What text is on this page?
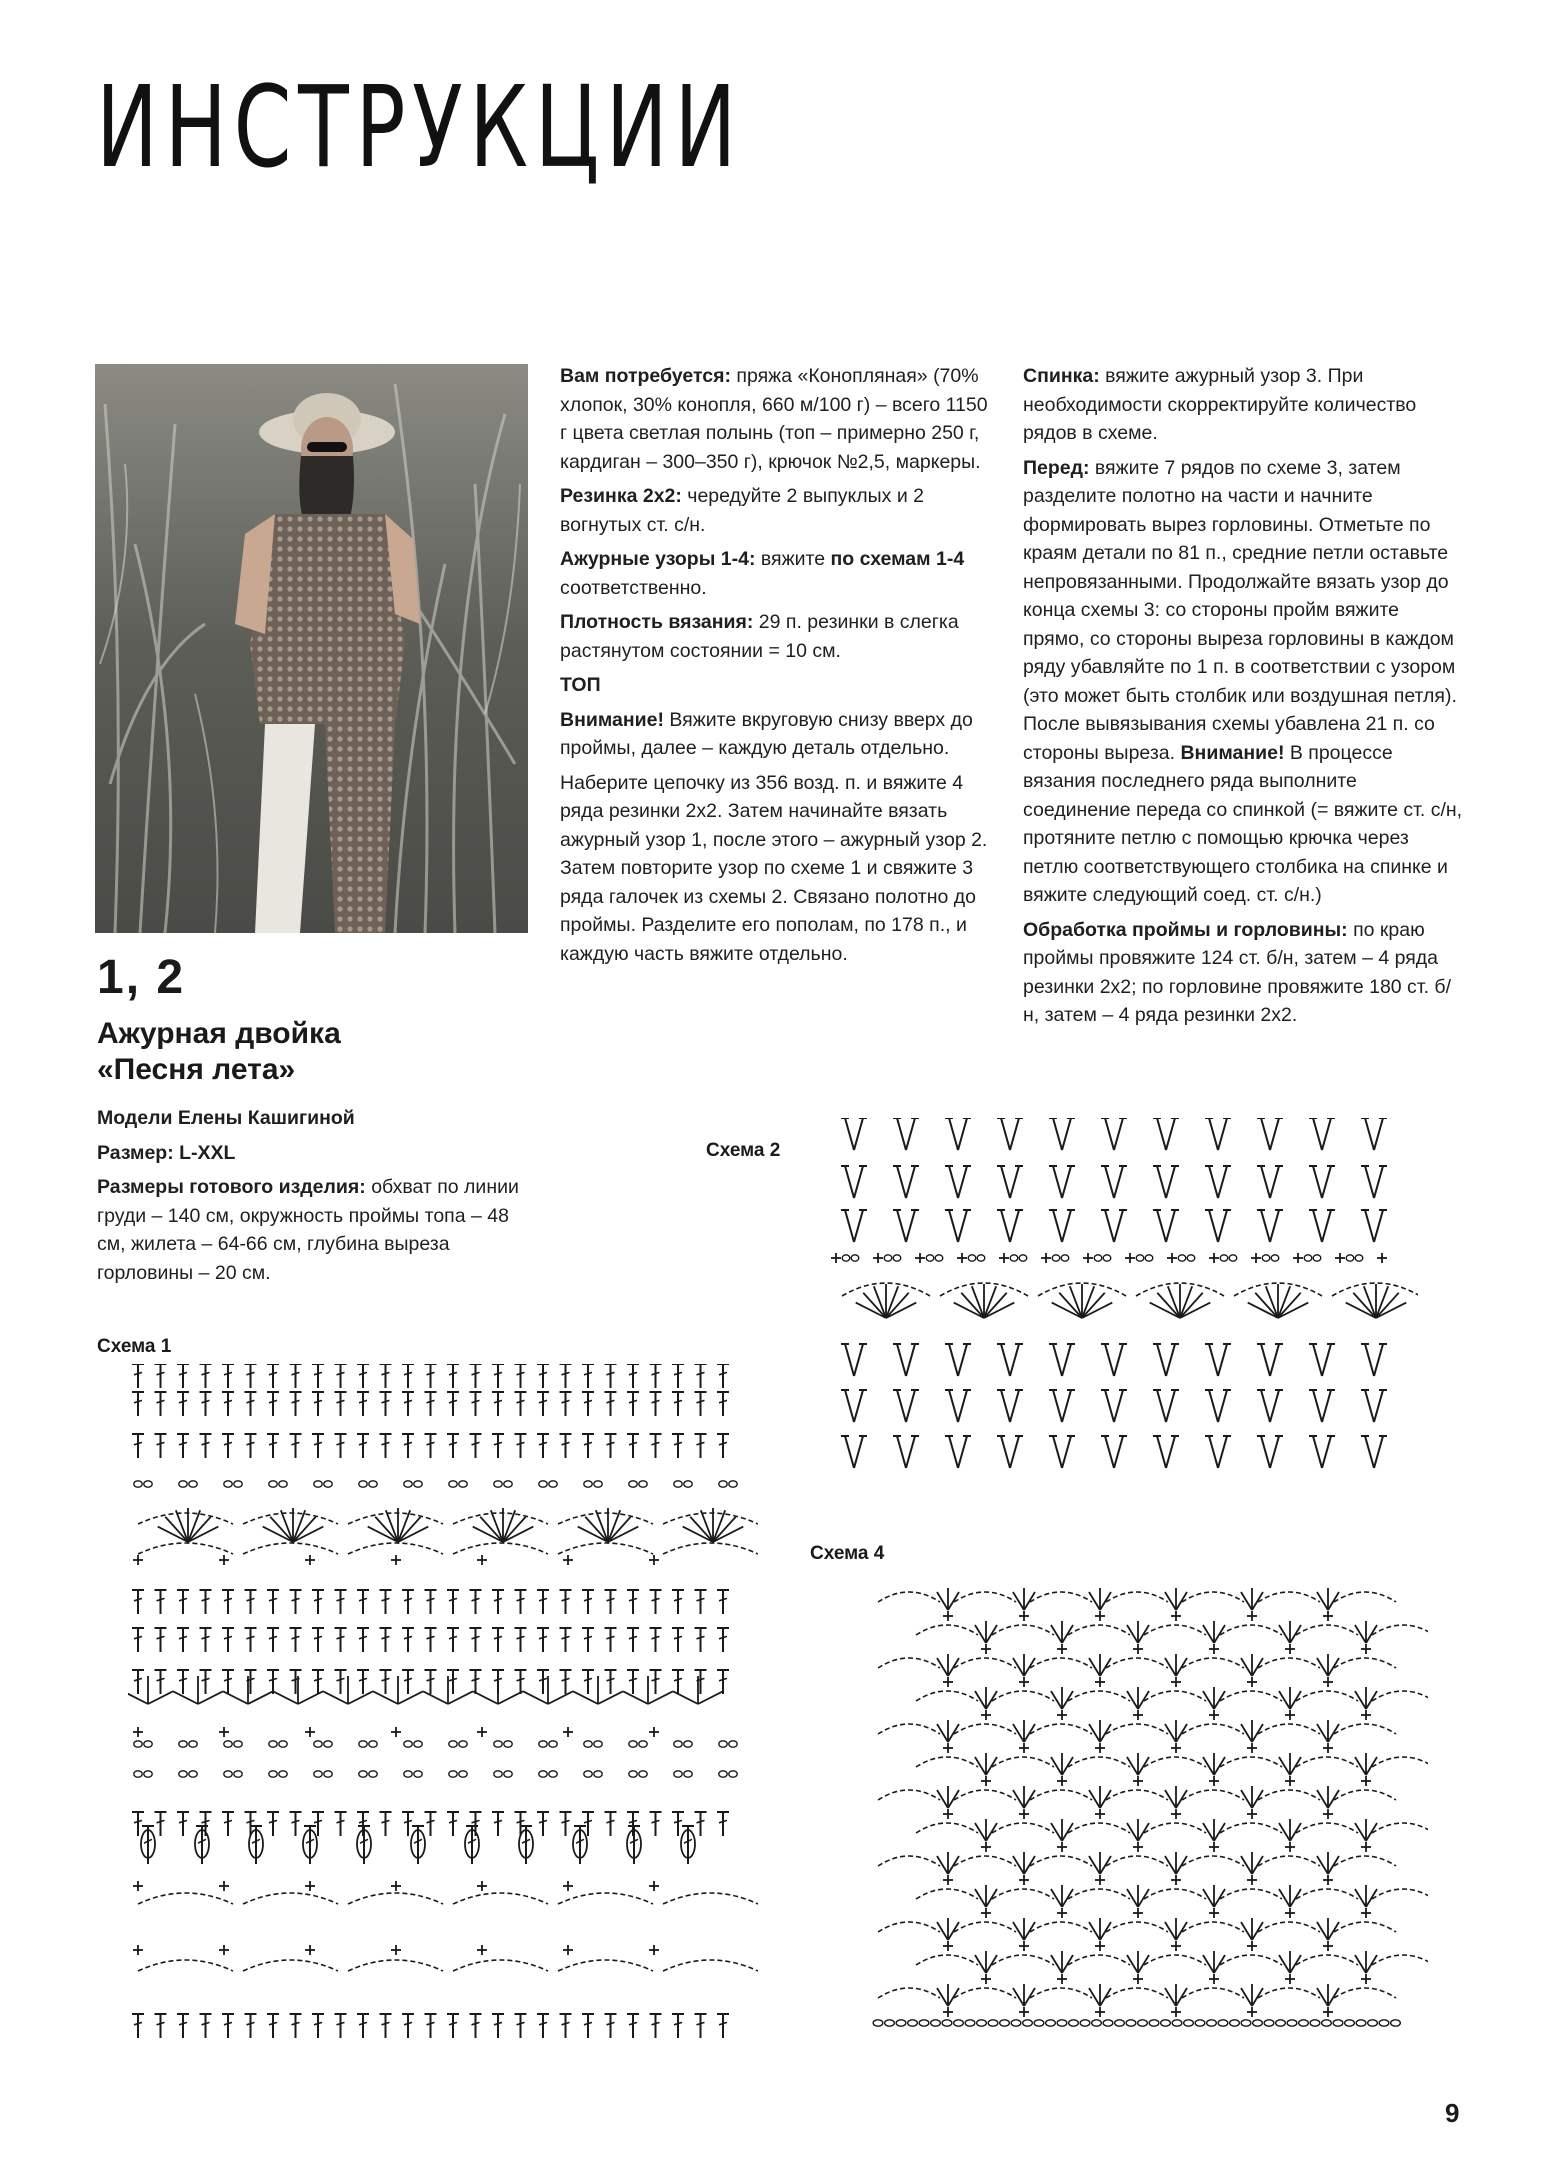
ИНСТРУКЦИИ
1, 2
Ажурная двойка
«Песня лета»

Модели Елены Кашигиной

Размер: L-XXL

Размеры готового изделия: обхват по линии груди – 140 см, окружность проймы топа – 48 см, жилета – 64-66 см, глубина выреза горловины – 20 см.

Вам потребуется: пряжа «Конопляная» (70% хлопок, 30% конопля, 660 м/100 г) – всего 1150 г цвета светлая полынь (топ – примерно 250 г, кардиган – 300–350 г), крючок №2,5, маркеры.

Резинка 2х2: чередуйте 2 выпуклых и 2 вогнутых ст. с/н.

Ажурные узоры 1-4: вяжите по схемам 1-4 соответственно.

Плотность вязания: 29 п. резинки в слегка растянутом состоянии = 10 см.

ТОП

Внимание! Вяжите вкруговую снизу вверх до проймы, далее – каждую деталь отдельно.

Наберите цепочку из 356 возд. п. и вяжите 4 ряда резинки 2х2. Затем начинайте вязать ажурный узор 1, после этого – ажурный узор 2. Затем повторите узор по схеме 1 и свяжите 3 ряда галочек из схемы 2. Связано полотно до проймы. Разделите его пополам, по 178 п., и каждую часть вяжите отдельно.

Спинка: вяжите ажурный узор 3. При необходимости скорректируйте количество рядов в схеме.

Перед: вяжите 7 рядов по схеме 3, затем разделите полотно на части и начните формировать вырез горловины. Отметьте по краям детали по 81 п., средние петли оставьте непровязанными. Продолжайте вязать узор до конца схемы 3: со стороны пройм вяжите прямо, со стороны выреза горловины в каждом ряду убавляйте по 1 п. в соответствии с узором (это может быть столбик или воздушная петля). После вывязывания схемы убавлена 21 п. со стороны выреза. Внимание! В процессе вязания последнего ряда выполните соединение переда со спинкой (= вяжите ст. с/н, протяните петлю с помощью крючка через петлю соответствующего столбика на спинке и вяжите следующий соед. ст. с/н.)

Обработка проймы и горловины: по краю проймы провяжите 124 ст. б/н, затем – 4 ряда резинки 2х2; по горловине провяжите 180 ст. б/н, затем – 4 ряда резинки 2х2.

Схема 1
Схема 2
Схема 4
9
